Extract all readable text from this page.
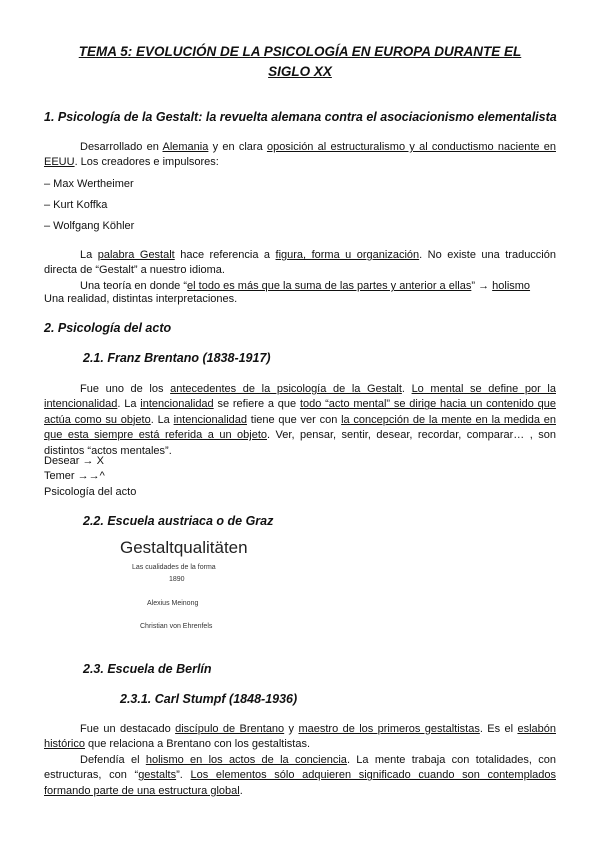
TEMA 5: EVOLUCIÓN DE LA PSICOLOGÍA EN EUROPA DURANTE EL
SIGLO XX
1. Psicología de la Gestalt: la revuelta alemana contra el asociacionismo elementalista
Desarrollado en Alemania y en clara oposición al estructuralismo y al conductismo naciente en EEUU. Los creadores e impulsores:
– Max Wertheimer
– Kurt Koffka
– Wolfgang Köhler
La palabra Gestalt hace referencia a figura, forma u organización. No existe una traducción directa de “Gestalt” a nuestro idioma.
Una teoría en donde “el todo es más que la suma de las partes y anterior a ellas” → holismo
Una realidad, distintas interpretaciones.
2. Psicología del acto
2.1. Franz Brentano (1838-1917)
Fue uno de los antecedentes de la psicología de la Gestalt. Lo mental se define por la intencionalidad. La intencionalidad se refiere a que todo “acto mental” se dirige hacia un contenido que actúa como su objeto. La intencionalidad tiene que ver con la concepción de la mente en la medida en que esta siempre está referida a un objeto. Ver, pensar, sentir, desear, recordar, comparar… , son distintos “actos mentales”.
Desear → X
Temer →→^
Psicología del acto
2.2. Escuela austriaca o de Graz
Gestaltqualitäten
Las cualidades de la forma
1890
Alexius Meinong
Christian von Ehrenfels
2.3. Escuela de Berlín
2.3.1. Carl Stumpf (1848-1936)
Fue un destacado discípulo de Brentano y maestro de los primeros gestaltistas. Es el eslabón histórico que relaciona a Brentano con los gestaltistas.
Defendía el holismo en los actos de la conciencia. La mente trabaja con totalidades, con estructuras, con “gestalts”. Los elementos sólo adquieren significado cuando son contemplados formando parte de una estructura global.
